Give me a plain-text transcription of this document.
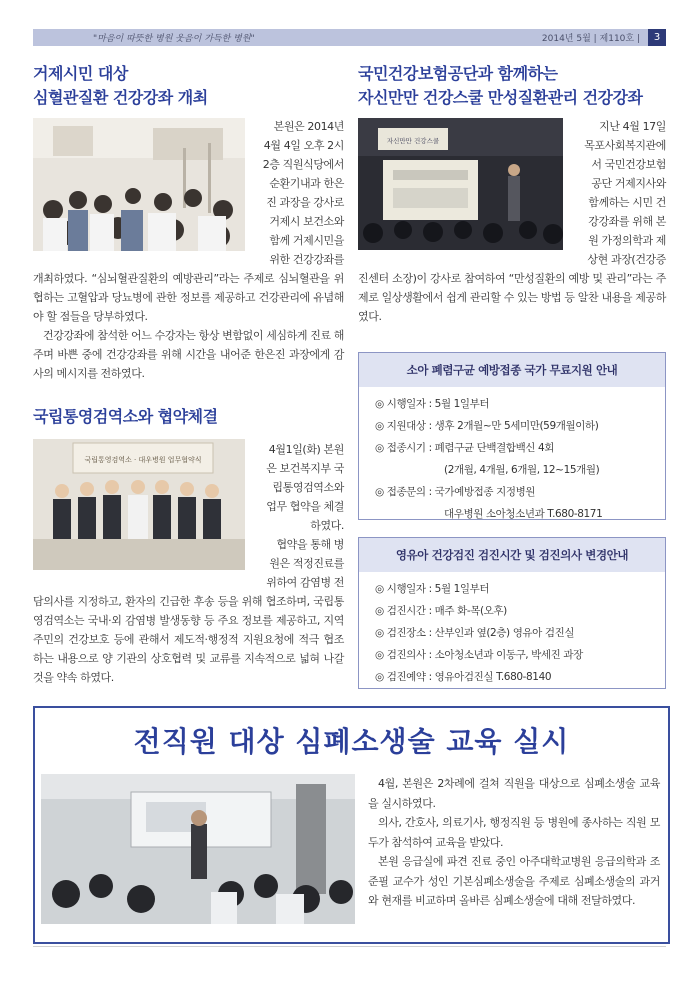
"마음이 따뜻한 병원 웃음이 가득한 병원"	2014년 5월 | 제110호 |	3
거제시민 대상
심혈관질환 건강강좌 개최
본원은 2014년
4월 4일 오후 2시
2층 직원식당에서
순환기내과 한은
진 과장을 강사로
거제시 보건소와
함께 거제시민을
위한 건강강좌를

개최하였다. “심뇌혈관질환의 예방관리”라는 주제로 심뇌혈관을 위협하는 고혈압과 당뇨병에 관한 정보를 제공하고 건강관리에 유념해야 할 점들을 당부하였다.

건강강좌에 참석한 어느 수강자는 항상 변함없이 세심하게 진료 해주며 바쁜 중에 건강강좌를 위해 시간을 내어준 한은진 과장에게 감사의 메시지를 전하였다.

국립통영검역소와 협약체결
국립통영검역소 · 대우병원 업무협약식
4월1일(화) 본원
은 보건복지부 국
립통영검역소와
업무 협약을 체결
하였다.
협약을 통해 병
원은 적정진료를
위하여 감염병 전

담의사를 지정하고, 환자의 긴급한 후송 등을 위해 협조하며, 국립통영검역소는 국내·외 감염병 발생동향 등 주요 정보를 제공하고, 지역주민의 건강보호 등에 관해서 제도적·행정적 지원요청에 적극 협조하는 내용으로 양 기관의 상호협력 및 교류를 지속적으로 넓혀 나갈 것을 약속 하였다.

국민건강보험공단과 함께하는
자신만만 건강스쿨 만성질환관리 건강강좌
자신만만 건강스쿨
지난 4월 17일
목포사회복지관에
서 국민건강보험
공단 거제지사와
함께하는 시민 건
강강좌를 위해 본
원 가정의학과 제
상현 과장(건강증

진센터 소장)이 강사로 참여하여 “만성질환의 예방 및 관리”라는 주제로 일상생활에서 쉽게 관리할 수 있는 방법 등 알찬 내용을 제공하였다.

소아 폐렴구균 예방접종 국가 무료지원 안내
◎ 시행일자 : 5월 1일부터
◎ 지원대상 : 생후 2개월~만 5세미만(59개월이하)
◎ 접종시기 : 폐렴구균 단백결합백신 4회
(2개월, 4개월, 6개월, 12~15개월)
◎ 접종문의 : 국가예방접종 지정병원
대우병원 소아청소년과 T.680-8171
영유아 건강검진 검진시간 및 검진의사 변경안내
◎ 시행일자 : 5월 1일부터
◎ 검진시간 : 매주 화-목(오후)
◎ 검진장소 : 산부인과 옆(2층) 영유아 검진실
◎ 검진의사 : 소아청소년과 이동구, 박세진 과장
◎ 검진예약 : 영유아검진실 T.680-8140
전직원 대상 심폐소생술 교육 실시

4월, 본원은 2차례에 걸쳐 직원을 대상으로 심폐소생술 교육을 실시하였다.

의사, 간호사, 의료기사, 행정직원 등 병원에 종사하는 직원 모두가 참석하여 교육을 받았다.

본원 응급실에 파견 진료 중인 아주대학교병원 응급의학과 조준필 교수가 성인 기본심폐소생술을 주제로 심폐소생술의 과거와 현재를 비교하며 올바른 심폐소생술에 대해 전달하였다.
